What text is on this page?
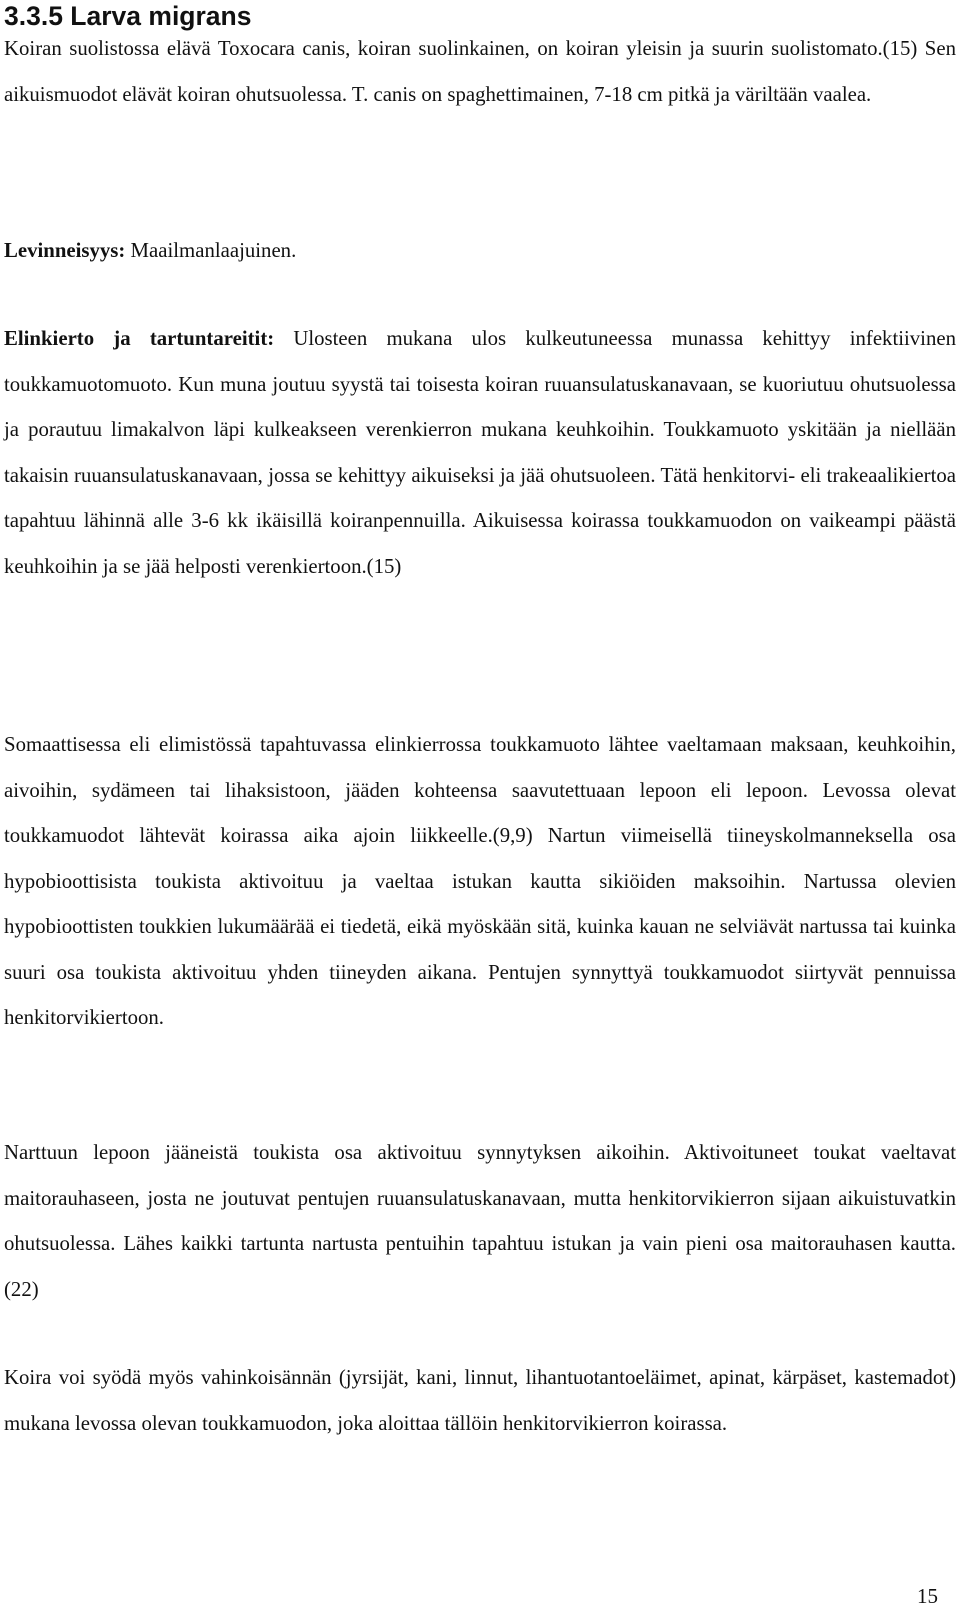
3.3.5 Larva migrans

Koiran suolistossa elävä Toxocara canis, koiran suolinkainen, on koiran yleisin ja suurin suolistomato.(15) Sen aikuismuodot elävät koiran ohutsuolessa. T. canis on spaghettimainen, 7-18 cm pitkä ja väriltään vaalea.

Levinneisyys: Maailmanlaajuinen.

Elinkierto ja tartuntareitit: Ulosteen mukana ulos kulkeutuneessa munassa kehittyy infektiivinen toukkamuotomuoto. Kun muna joutuu syystä tai toisesta koiran ruuansulatuskanavaan, se kuoriutuu ohutsuolessa ja porautuu limakalvon läpi kulkeakseen verenkierron mukana keuhkoihin. Toukkamuoto yskitään ja niellään takaisin ruuansulatuskanavaan, jossa se kehittyy aikuiseksi ja jää ohutsuoleen. Tätä henkitorvi- eli trakeaalikiertoa tapahtuu lähinnä alle 3-6 kk ikäisillä koiranpennuilla. Aikuisessa koirassa toukkamuodon on vaikeampi päästä keuhkoihin ja se jää helposti verenkiertoon.(15)

Somaattisessa eli elimistössä tapahtuvassa elinkierrossa toukkamuoto lähtee vaeltamaan maksaan, keuhkoihin, aivoihin, sydämeen tai lihaksistoon, jääden kohteensa saavutettuaan lepoon eli lepoon. Levossa olevat toukkamuodot lähtevät koirassa aika ajoin liikkeelle.(9,9) Nartun viimeisellä tiineyskolmanneksella osa hypobioottisista toukista aktivoituu ja vaeltaa istukan kautta sikiöiden maksoihin. Nartussa olevien hypobioottisten toukkien lukumäärää ei tiedetä, eikä myöskään sitä, kuinka kauan ne selviävät nartussa tai kuinka suuri osa toukista aktivoituu yhden tiineyden aikana. Pentujen synnyttyä toukkamuodot siirtyvät pennuissa henkitorvikiertoon.

Narttuun lepoon jääneistä toukista osa aktivoituu synnytyksen aikoihin. Aktivoituneet toukat vaeltavat maitorauhaseen, josta ne joutuvat pentujen ruuansulatuskanavaan, mutta henkitorvikierron sijaan aikuistuvatkin ohutsuolessa. Lähes kaikki tartunta nartusta pentuihin tapahtuu istukan ja vain pieni osa maitorauhasen kautta.(22)

Koira voi syödä myös vahinkoisännän (jyrsijät, kani, linnut, lihantuotantoeläimet, apinat, kärpäset, kastemadot) mukana levossa olevan toukkamuodon, joka aloittaa tällöin henkitorvikierron koirassa.

15
